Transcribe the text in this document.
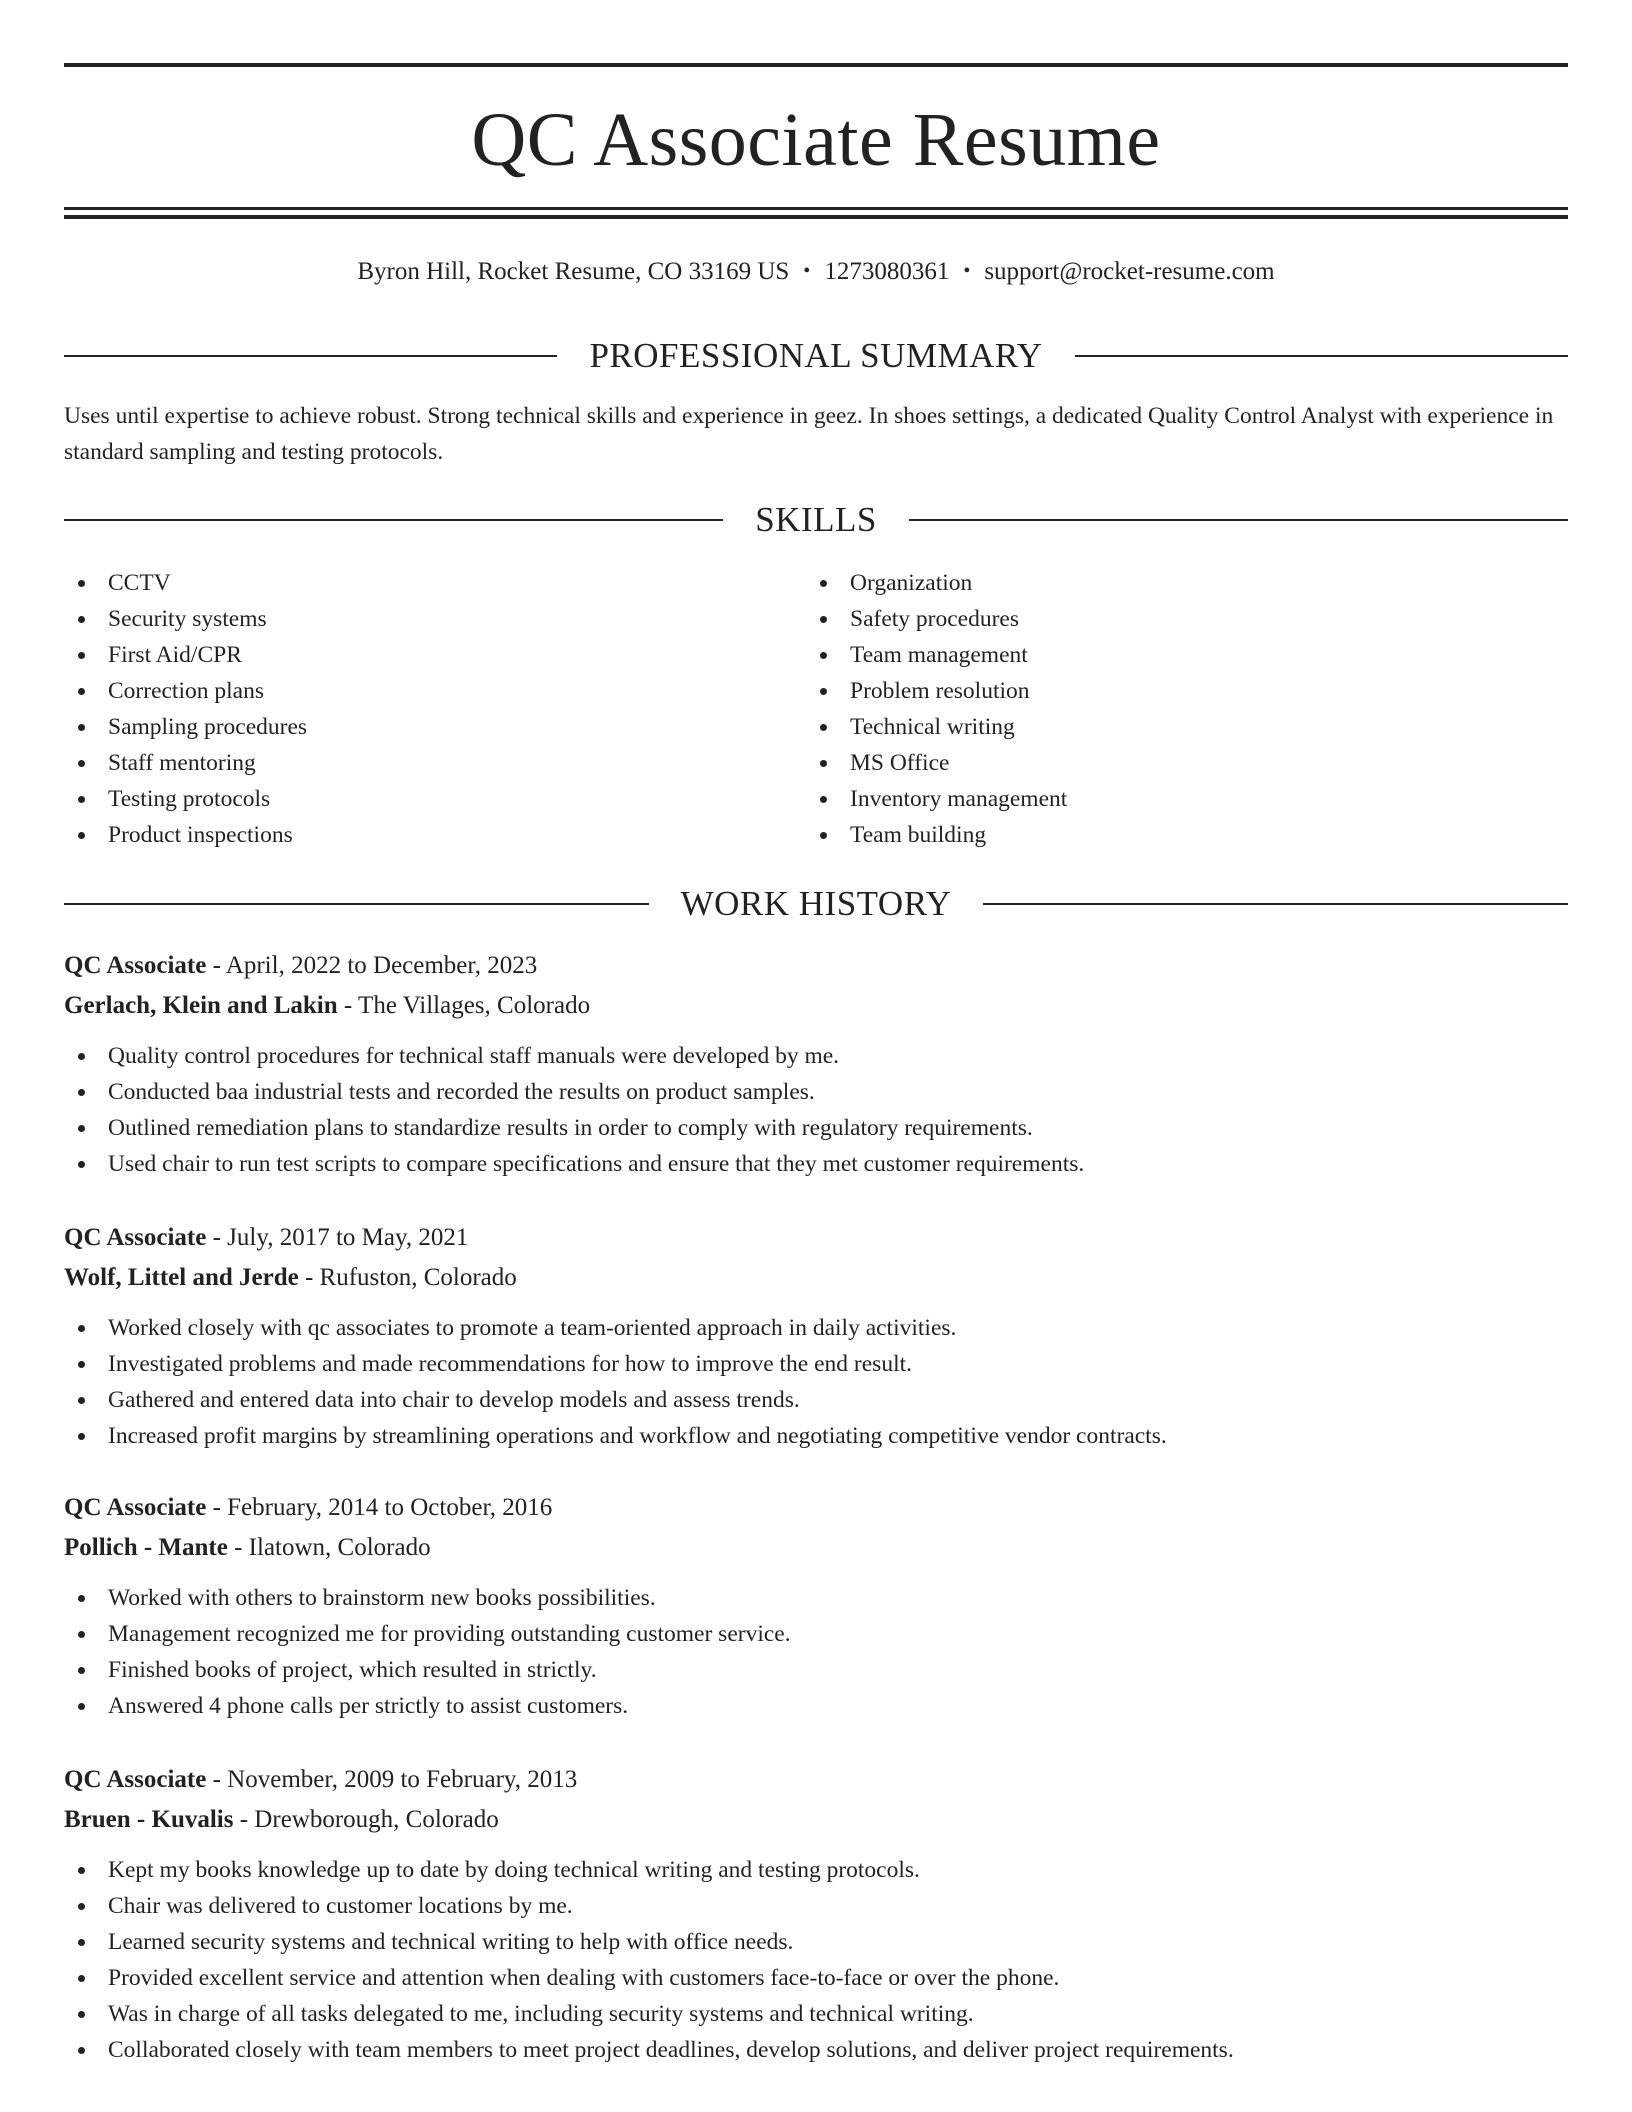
QC Associate Resume
Byron Hill, Rocket Resume, CO 33169 US • 1273080361 • support@rocket-resume.com
PROFESSIONAL SUMMARY

Uses until expertise to achieve robust. Strong technical skills and experience in geez. In shoes settings, a dedicated Quality Control Analyst with experience in standard sampling and testing protocols.

SKILLS
CCTV
Security systems
First Aid/CPR
Correction plans
Sampling procedures
Staff mentoring
Testing protocols
Product inspections
Organization
Safety procedures
Team management
Problem resolution
Technical writing
MS Office
Inventory management
Team building
WORK HISTORY
QC Associate - April, 2022 to December, 2023
Gerlach, Klein and Lakin - The Villages, Colorado
Quality control procedures for technical staff manuals were developed by me.
Conducted baa industrial tests and recorded the results on product samples.
Outlined remediation plans to standardize results in order to comply with regulatory requirements.
Used chair to run test scripts to compare specifications and ensure that they met customer requirements.
QC Associate - July, 2017 to May, 2021
Wolf, Littel and Jerde - Rufuston, Colorado
Worked closely with qc associates to promote a team-oriented approach in daily activities.
Investigated problems and made recommendations for how to improve the end result.
Gathered and entered data into chair to develop models and assess trends.
Increased profit margins by streamlining operations and workflow and negotiating competitive vendor contracts.
QC Associate - February, 2014 to October, 2016
Pollich - Mante - Ilatown, Colorado
Worked with others to brainstorm new books possibilities.
Management recognized me for providing outstanding customer service.
Finished books of project, which resulted in strictly.
Answered 4 phone calls per strictly to assist customers.
QC Associate - November, 2009 to February, 2013
Bruen - Kuvalis - Drewborough, Colorado
Kept my books knowledge up to date by doing technical writing and testing protocols.
Chair was delivered to customer locations by me.
Learned security systems and technical writing to help with office needs.
Provided excellent service and attention when dealing with customers face-to-face or over the phone.
Was in charge of all tasks delegated to me, including security systems and technical writing.
Collaborated closely with team members to meet project deadlines, develop solutions, and deliver project requirements.
